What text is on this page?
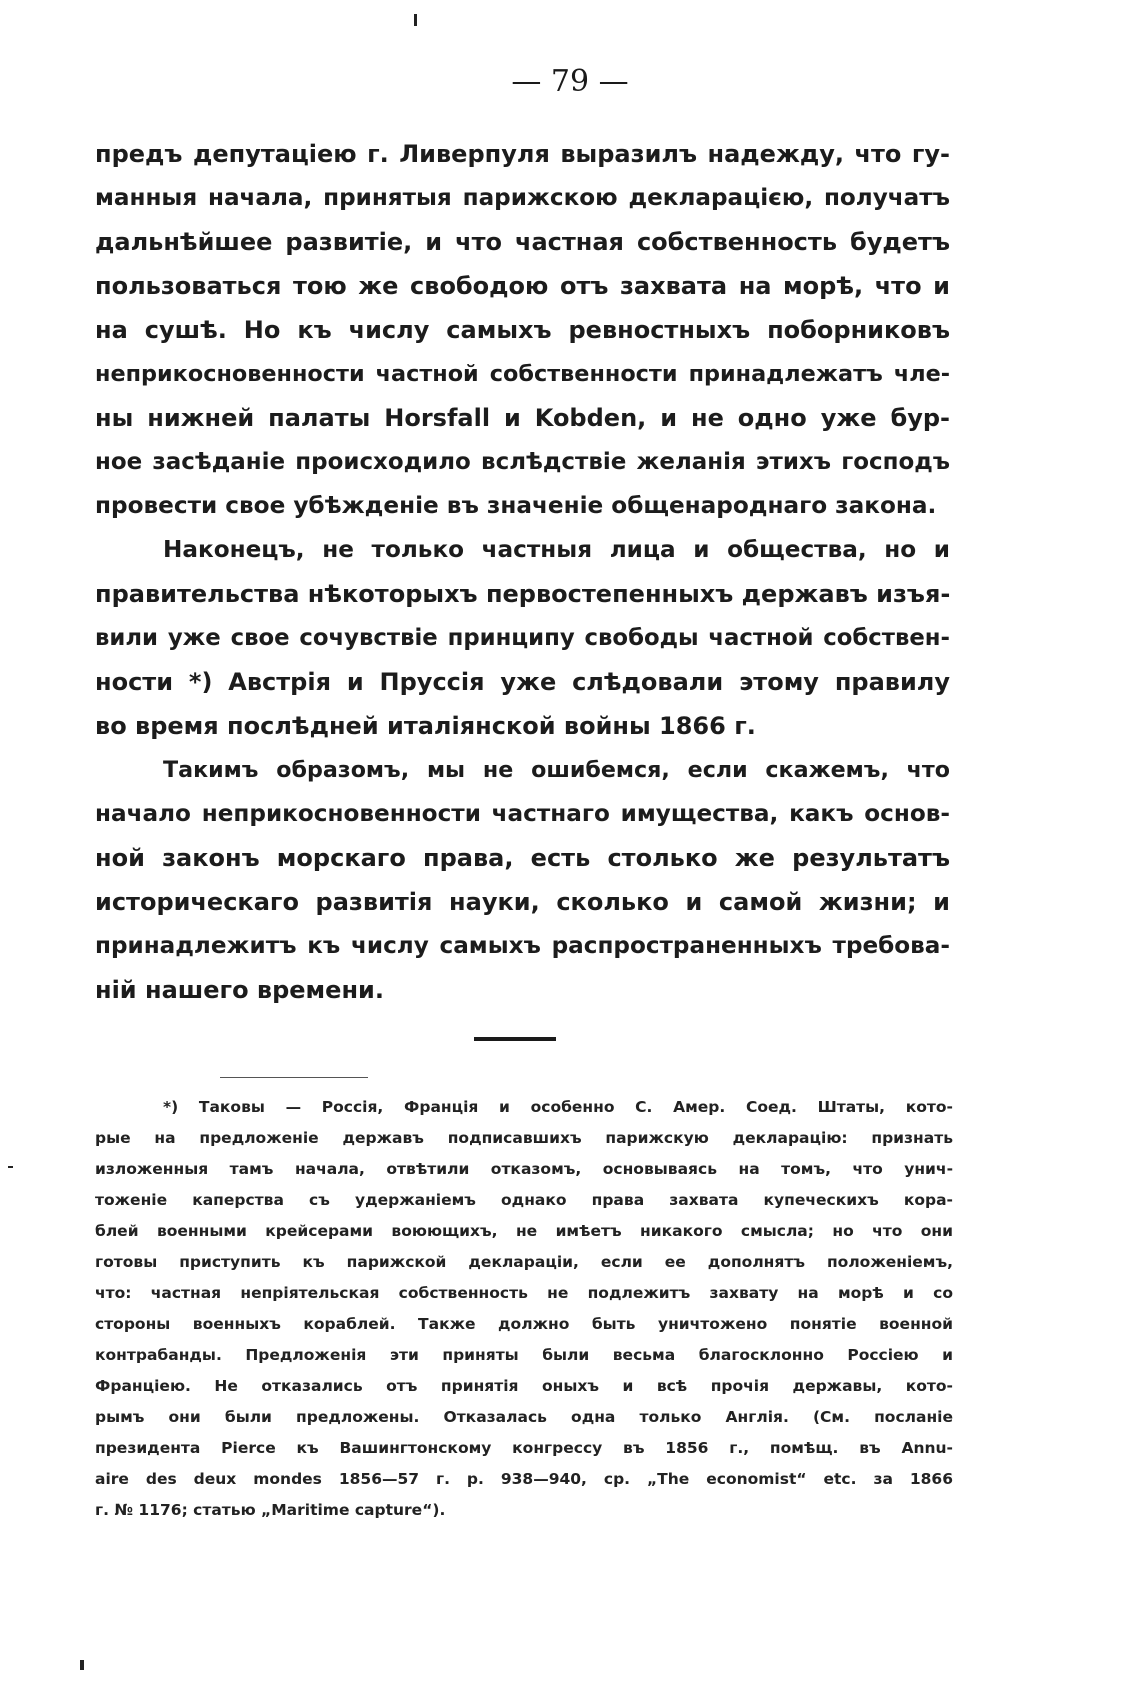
— 79 —
предъ депутаціею г. Ливерпуля выразилъ надежду, что гу-
манныя начала, принятыя парижскою декларацією, получатъ
дальнѣйшее развитіе, и что частная собственность будетъ
пользоваться тою же свободою отъ захвата на морѣ, что и
на сушѣ. Но къ числу самыхъ ревностныхъ поборниковъ
неприкосновенности частной собственности принадлежатъ чле-
ны нижней палаты Horsfall и Kobden, и не одно уже бур-
ное засѣданіе происходило вслѣдствіе желанія этихъ господъ
провести свое убѣжденіе въ значеніе общенароднаго закона.
Наконецъ, не только частныя лица и общества, но и
правительства нѣкоторыхъ первостепенныхъ державъ изъя-
вили уже свое сочувствіе принципу свободы частной собствен-
ности *) Австрія и Пруссія уже слѣдовали этому правилу
во время послѣдней италіянской войны 1866 г.
Такимъ образомъ, мы не ошибемся, если скажемъ, что
начало неприкосновенности частнаго имущества, какъ основ-
ной законъ морскаго права, есть столько же результатъ
историческаго развитія науки, сколько и самой жизни; и
принадлежитъ къ числу самыхъ распространенныхъ требова-
ній нашего времени.
*) Таковы — Россія, Франція и особенно С. Амер. Соед. Штаты, кото-
рые на предложеніе державъ подписавшихъ парижскую декларацію: признать
изложенныя тамъ начала, отвѣтили отказомъ, основываясь на томъ, что унич-
тоженіе каперства съ удержаніемъ однако права захвата купеческихъ кора-
блей военными крейсерами воюющихъ, не имѣетъ никакого смысла; но что они
готовы приступить къ парижской деклараціи, если ее дополнятъ положеніемъ,
что: частная непріятельская собственность не подлежитъ захвату на морѣ и со
стороны военныхъ кораблей. Также должно быть уничтожено понятіе военной
контрабанды. Предложенія эти приняты были весьма благосклонно Россіею и
Франціею. Не отказались отъ принятія оныхъ и всѣ прочія державы, кото-
рымъ они были предложены. Отказалась одна только Англія. (См. посланіе
президента Pierce къ Вашингтонскому конгрессу въ 1856 г., помѣщ. въ Annu-
aire des deux mondes 1856—57 г. р. 938—940, ср. „The economist“ etc. за 1866
г. № 1176; статью „Maritime capture“).
